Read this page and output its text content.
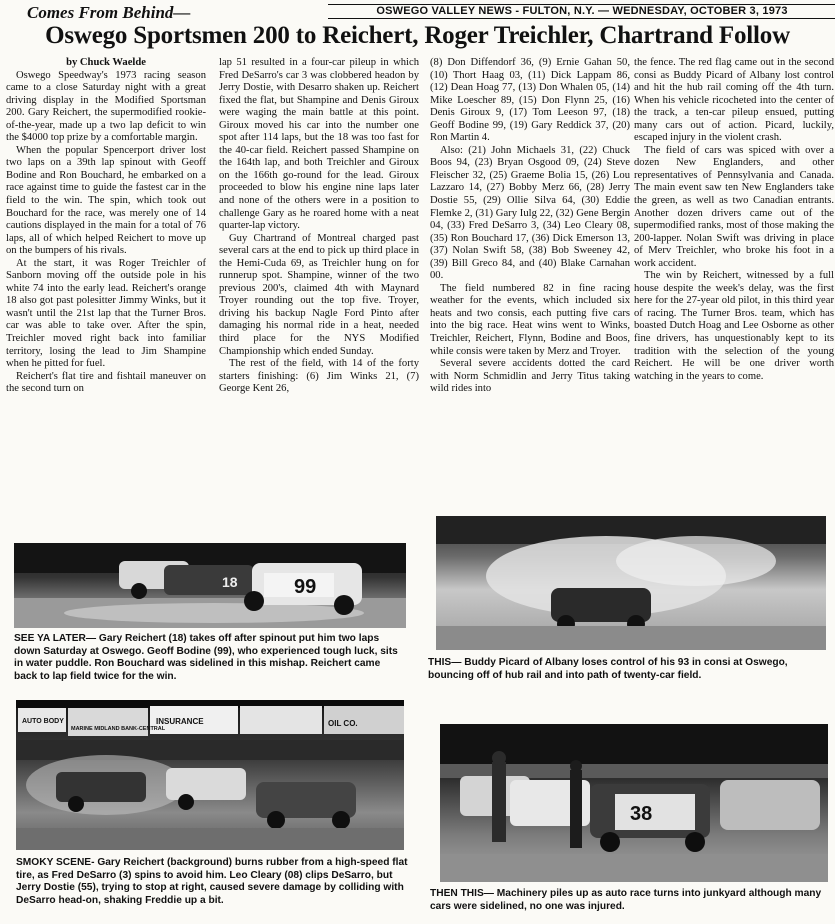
Comes From Behind—	OSWEGO VALLEY NEWS - FULTON, N.Y. — WEDNESDAY, OCTOBER 3, 1973
Oswego Sportsmen 200 to Reichert, Roger Treichler, Chartrand Follow

by Chuck Waelde

Oswego Speedway's 1973 racing season came to a close Saturday night with a great driving display in the Modified Sportsman 200. Gary Reichert, the supermodified rookie-of-the-year, made up a two lap deficit to win the $4000 top prize by a comfortable margin.

When the popular Spencerport driver lost two laps on a 39th lap spinout with Geoff Bodine and Ron Bouchard, he embarked on a race against time to guide the fastest car in the field to the win. The spin, which took out Bouchard for the race, was merely one of 14 cautions displayed in the main for a total of 76 laps, all of which helped Reichert to move up on the bumpers of his rivals.

At the start, it was Roger Treichler of Sanborn moving off the outside pole in his white 74 into the early lead. Reichert's orange 18 also got past polesitter Jimmy Winks, but it wasn't until the 21st lap that the Turner Bros. car was able to take over. After the spin, Treichler moved right back into familiar territory, losing the lead to Jim Shampine when he pitted for fuel.

Reichert's flat tire and fishtail maneuver on the second turn on

lap 51 resulted in a four-car pileup in which Fred DeSarro's car 3 was clobbered headon by Jerry Dostie, with Desarro shaken up. Reichert fixed the flat, but Shampine and Denis Giroux were waging the main battle at this point. Giroux moved his car into the number one spot after 114 laps, but the 18 was too fast for the 40-car field. Reichert passed Shampine on the 164th lap, and both Treichler and Giroux on the 166th go-round for the lead. Giroux proceeded to blow his engine nine laps later and none of the others were in a position to challenge Gary as he roared home with a neat quarter-lap victory.

Guy Chartrand of Montreal charged past several cars at the end to pick up third place in the Hemi-Cuda 69, as Treichler hung on for runnerup spot. Shampine, winner of the two previous 200's, claimed 4th with Maynard Troyer rounding out the top five. Troyer, driving his backup Nagle Ford Pinto after damaging his normal ride in a heat, needed third place for the NYS Modified Championship which ended Sunday.

The rest of the field, with 14 of the forty starters finishing: (6) Jim Winks 21, (7) George Kent 26,

(8) Don Diffendorf 36, (9) Ernie Gahan 50, (10) Thort Haag 03, (11) Dick Lappam 86, (12) Dean Hoag 77, (13) Don Whalen 05, (14) Mike Loescher 89, (15) Don Flynn 25, (16) Denis Giroux 9, (17) Tom Leeson 97, (18) Geoff Bodine 99, (19) Gary Reddick 37, (20) Ron Martin 4.

Also: (21) John Michaels 31, (22) Chuck Boos 94, (23) Bryan Osgood 09, (24) Steve Fleischer 32, (25) Graeme Bolia 15, (26) Lou Lazzaro 14, (27) Bobby Merz 66, (28) Jerry Dostie 55, (29) Ollie Silva 64, (30) Eddie Flemke 2, (31) Gary Iulg 22, (32) Gene Bergin 04, (33) Fred DeSarro 3, (34) Leo Cleary 08, (35) Ron Bouchard 17, (36) Dick Emerson 13, (37) Nolan Swift 58, (38) Bob Sweeney 42, (39) Bill Greco 84, and (40) Blake Carnahan 00.

The field numbered 82 in fine racing weather for the events, which included six heats and two consis, each putting five cars into the big race. Heat wins went to Winks, Treichler, Reichert, Flynn, Bodine and Boos, while consis were taken by Merz and Troyer.

Several severe accidents dotted the card with Norm Schmidlin and Jerry Titus taking wild rides into

the fence. The red flag came out in the second consi as Buddy Picard of Albany lost control and hit the hub rail coming off the 4th turn. When his vehicle ricocheted into the center of the track, a ten-car pileup ensued, putting many cars out of action. Picard, luckily, escaped injury in the violent crash.

The field of cars was spiced with over a dozen New Englanders, and other representatives of Pennsylvania and Canada. The main event saw ten New Englanders take the green, as well as two Canadian entrants. Another dozen drivers came out of the supermodified ranks, most of those making the 200-lapper. Nolan Swift was driving in place of Merv Treichler, who broke his foot in a work accident.

The win by Reichert, witnessed by a full house despite the week's delay, was the first here for the 27-year old pilot, in this third year of racing. The Turner Bros. team, which has boasted Dutch Hoag and Lee Osborne as other fine drivers, has unquestionably kept to its tradition with the selection of the young Reichert. He will be one driver worth watching in the years to come.

99
18
SEE YA LATER— Gary Reichert (18) takes off after spinout put him two laps down Saturday at Oswego. Geoff Bodine (99), who experienced tough luck, sits in water puddle. Ron Bouchard was sidelined in this mishap. Reichert came back to lap field twice for the win.
THIS— Buddy Picard of Albany loses control of his 93 in consi at Oswego, bouncing off of hub rail and into path of twenty-car field.
AUTO BODY	INSURANCE
MARINE MIDLAND BANK-CENTRAL
OIL CO.
SMOKY SCENE- Gary Reichert (background) burns rubber from a high-speed flat tire, as Fred DeSarro (3) spins to avoid him. Leo Cleary (08) clips DeSarro, but Jerry Dostie (55), trying to stop at right, caused severe damage by colliding with DeSarro head-on, shaking Freddie up a bit.
38
THEN THIS— Machinery piles up as auto race turns into junkyard although many cars were sidelined, no one was injured.
